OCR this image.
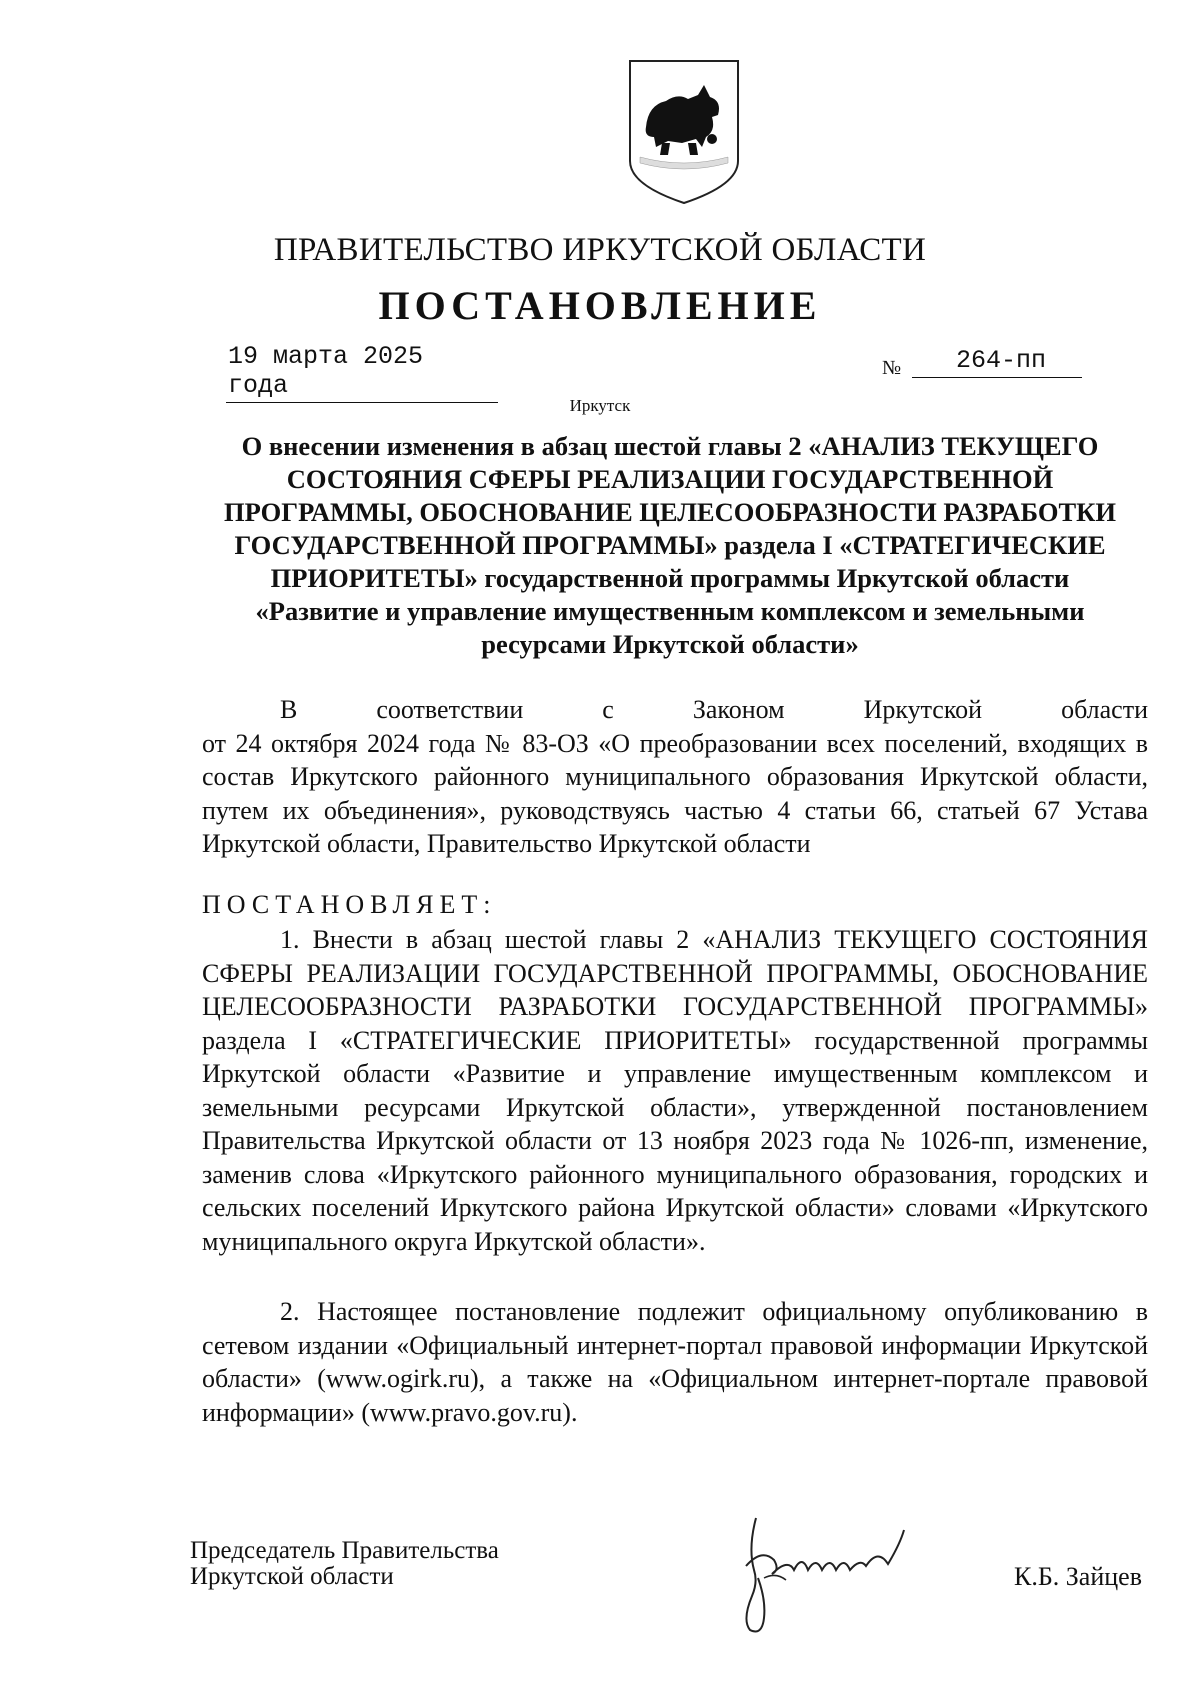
ПРАВИТЕЛЬСТВО ИРКУТСКОЙ ОБЛАСТИ
ПОСТАНОВЛЕНИЕ
19 марта 2025 года
№	264-пп
Иркутск
О внесении изменения в абзац шестой главы 2 «АНАЛИЗ ТЕКУЩЕГО СОСТОЯНИЯ СФЕРЫ РЕАЛИЗАЦИИ ГОСУДАРСТВЕННОЙ ПРОГРАММЫ, ОБОСНОВАНИЕ ЦЕЛЕСООБРАЗНОСТИ РАЗРАБОТКИ ГОСУДАРСТВЕННОЙ ПРОГРАММЫ» раздела I «СТРАТЕГИЧЕСКИЕ ПРИОРИТЕТЫ» государственной программы Иркутской области «Развитие и управление имущественным комплексом и земельными ресурсами Иркутской области»
В соответствии с Законом Иркутской области
от 24 октября 2024 года № 83-ОЗ «О преобразовании всех поселений, входящих в состав Иркутского районного муниципального образования Иркутской области, путем их объединения», руководствуясь частью 4 статьи 66, статьей 67 Устава Иркутской области, Правительство Иркутской области
ПОСТАНОВЛЯЕТ:
1. Внести в абзац шестой главы 2 «АНАЛИЗ ТЕКУЩЕГО СОСТОЯНИЯ СФЕРЫ РЕАЛИЗАЦИИ ГОСУДАРСТВЕННОЙ ПРОГРАММЫ, ОБОСНОВАНИЕ ЦЕЛЕСООБРАЗНОСТИ РАЗРАБОТКИ ГОСУДАРСТВЕННОЙ ПРОГРАММЫ» раздела I «СТРАТЕГИЧЕСКИЕ ПРИОРИТЕТЫ» государственной программы Иркутской области «Развитие и управление имущественным комплексом и земельными ресурсами Иркутской области», утвержденной постановлением Правительства Иркутской области от 13 ноября 2023 года № 1026-пп, изменение, заменив слова «Иркутского районного муниципального образования, городских и сельских поселений Иркутского района Иркутской области» словами «Иркутского муниципального округа Иркутской области».
2. Настоящее постановление подлежит официальному опубликованию в сетевом издании «Официальный интернет-портал правовой информации Иркутской области» (www.ogirk.ru), а также на «Официальном интернет-портале правовой информации» (www.pravo.gov.ru).
Председатель Правительства
Иркутской области	К.Б. Зайцев
